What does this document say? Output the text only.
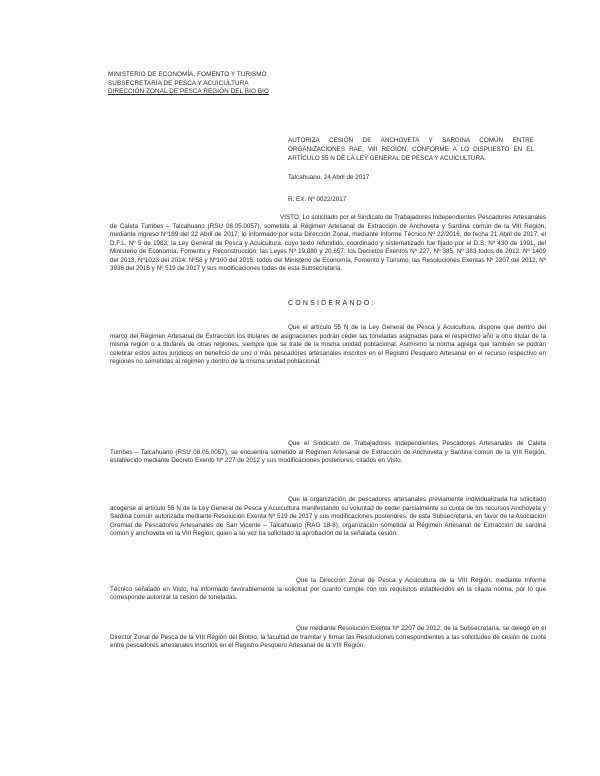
MINISTERIO DE ECONOMÍA, FOMENTO Y TURISMO
SUBSECRETARÍA DE PESCA Y ACUICULTURA
DIRECCIÓN ZONAL DE PESCA REGIÓN DEL BIO BIO
AUTORIZA CESIÓN DE ANCHOVETA Y SARDINA COMÚN ENTRE ORGANIZACIONES RAE, VIII REGIÓN, CONFORME A LO DISPUESTO EN EL ARTÍCULO 55 N DE LA LEY GENERAL DE PESCA Y ACUICULTURA.
Talcahuano, 24 Abril de 2017
R. EX. Nº 0022/2017
VISTO: Lo solicitado por el Sindicato de Trabajadores Independientes Pescadores Artesanales de Caleta Tumbes – Talcahuano (RSU 08.05.0057), sometida al Régimen Artesanal de Extracción de Anchoveta y Sardina común de la VIII Región, mediante ingreso Nº189 del 22 Abril de 2017; lo informado por esta Dirección Zonal, mediante Informe Técnico Nº 22/2016, de fecha 21 Abril de 2017; el D.F.L. Nº 5 de 1983; la Ley General de Pesca y Acuicultura, cuyo texto refundido, coordinado y sistematizado fue fijado por el D.S. Nº 430 de 1991, del Ministerio de Economía, Fomento y Reconstrucción; las Leyes Nº 19.880 y 20.657; los Decretos Exentos Nº 227, Nº 385, Nº 383 todos de 2012, Nº 1409 del 2013, Nº1023 del 2014; Nº58 y Nº100 del 2015, todos del Ministerio de Economía, Fomento y Turismo; las Resoluciones Exentas Nº 2207 del 2012, Nº 3936 del 2016 y Nº 519 de 2017 y sus modificaciones todas de esta Subsecretaría.
CONSIDERANDO:
Que el artículo 55 N de la Ley General de Pesca y Acuicultura, dispone que dentro del marco del Régimen Artesanal de Extracción los titulares de asignaciones podrán ceder las toneladas asignadas para el respectivo año a otro titular de la misma región o a titulares de otras regiones, siempre que se trate de la misma unidad poblacional. Asimismo la norma agrega que también se podrán celebrar estos actos jurídicos en beneficio de uno o más pescadores artesanales inscritos en el Registro Pesquero Artesanal en el recurso respectivo en regiones no sometidas al régimen y dentro de la misma unidad poblacional.
Que el Sindicato de Trabajadores Independientes Pescadores Artesanales de Caleta Tumbes – Talcahuano (RSU 08.05.0057), se encuentra sometido al Régimen Artesanal de Extracción de Anchoveta y Sardina común de la VIII Región, establecido mediante Decreto Exento Nº 227 de 2012 y sus modificaciones posteriores, citados en Visto.
Que la organización de pescadores artesanales previamente individualizada ha solicitado acogerse al artículo 55 N de la Ley General de Pesca y Acuicultura manifestando su voluntad de ceder parcialmente su cuota de los recursos Anchoveta y Sardina común autorizada mediante Resolución Exenta Nº 519 de 2017 y sus modificaciones posteriores, de esta Subsecretaría, en favor de la Asociación Gremial de Pescadores Artesanales de San Vicente – Talcahuano (RAG 18-8), organización sometida al Régimen Artesanal de Extracción de sardina común y anchoveta en la VIII Región; quien a su vez ha solicitado la aprobación de la señalada cesión.
Que la Dirección Zonal de Pesca y Acuicultura de la VIII Región, mediante Informe Técnico señalado en Visto, ha informado favorablemente la solicitud por cuanto cumple con los requisitos establecidos en la citada norma, por lo que corresponde autorizar la cesión de toneladas.
Que mediante Resolución Exenta Nº 2207 de 2012, de la Subsecretaría, se delegó en el Director Zonal de Pesca de la VIII Región del Biobío, la facultad de tramitar y firmar las Resoluciones correspondientes a las solicitudes de cesión de cuota entre pescadores artesanales inscritos en el Registro Pesquero Artesanal de la VIII Región.
